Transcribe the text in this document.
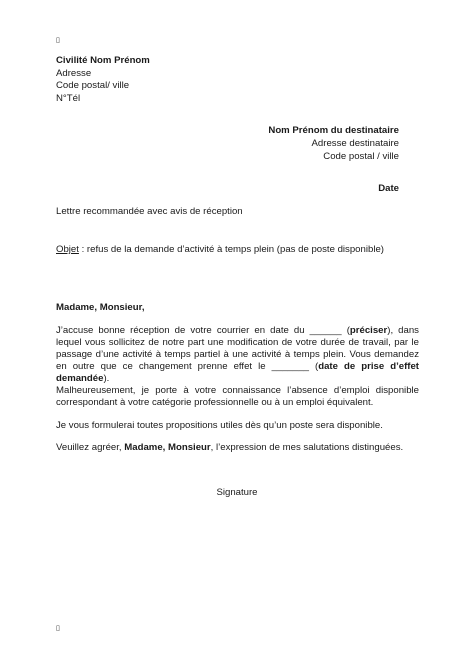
▯
Civilité Nom Prénom
Adresse
Code postal/ ville
N°Tél
Nom Prénom du destinataire
Adresse destinataire
Code postal / ville
Date
Lettre recommandée avec avis de réception
Objet : refus de la demande d’activité à temps plein (pas de poste disponible)
Madame, Monsieur,
J’accuse bonne réception de votre courrier en date du ______ (préciser), dans lequel vous sollicitez de notre part une modification de votre durée de travail, par le passage d’une activité à temps partiel à une activité à temps plein. Vous demandez en outre que ce changement prenne effet le _______ (date de prise d’effet demandée).
Malheureusement, je porte à votre connaissance l’absence d’emploi disponible correspondant à votre catégorie professionnelle ou à un emploi équivalent.
Je vous formulerai toutes propositions utiles dès qu’un poste sera disponible.
Veuillez agréer, Madame, Monsieur, l’expression de mes salutations distinguées.
Signature
▯
